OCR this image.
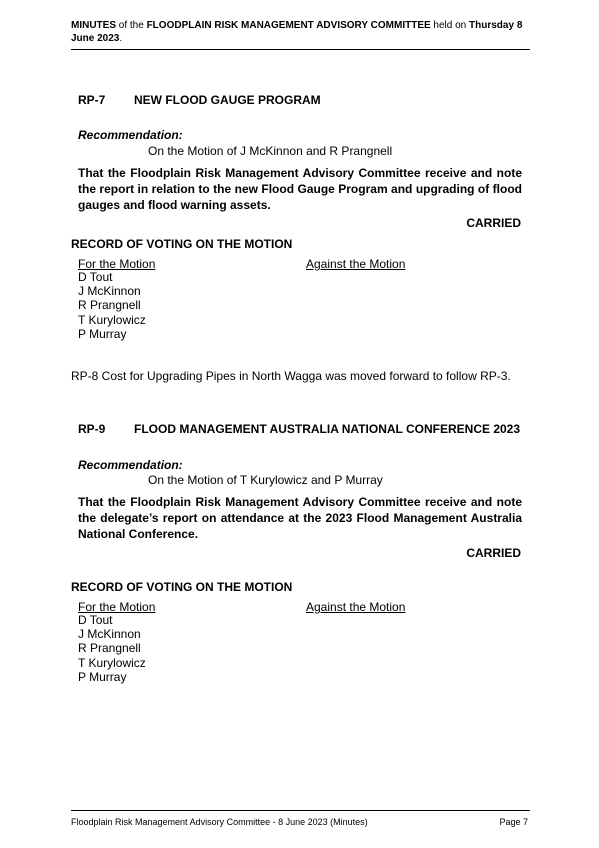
MINUTES of the FLOODPLAIN RISK MANAGEMENT ADVISORY COMMITTEE held on Thursday 8 June 2023.
RP-7 NEW FLOOD GAUGE PROGRAM
Recommendation:
On the Motion of J McKinnon and R Prangnell
That the Floodplain Risk Management Advisory Committee receive and note the report in relation to the new Flood Gauge Program and upgrading of flood gauges and flood warning assets.
CARRIED
RECORD OF VOTING ON THE MOTION
For the Motion	Against the Motion
D Tout
J McKinnon
R Prangnell
T Kurylowicz
P Murray
RP-8 Cost for Upgrading Pipes in North Wagga was moved forward to follow RP-3.
RP-9 FLOOD MANAGEMENT AUSTRALIA NATIONAL CONFERENCE 2023
Recommendation:
On the Motion of T Kurylowicz and P Murray
That the Floodplain Risk Management Advisory Committee receive and note the delegate’s report on attendance at the 2023 Flood Management Australia National Conference.
CARRIED
RECORD OF VOTING ON THE MOTION
For the Motion	Against the Motion
D Tout
J McKinnon
R Prangnell
T Kurylowicz
P Murray
Floodplain Risk Management Advisory Committee - 8 June 2023 (Minutes)	Page 7
